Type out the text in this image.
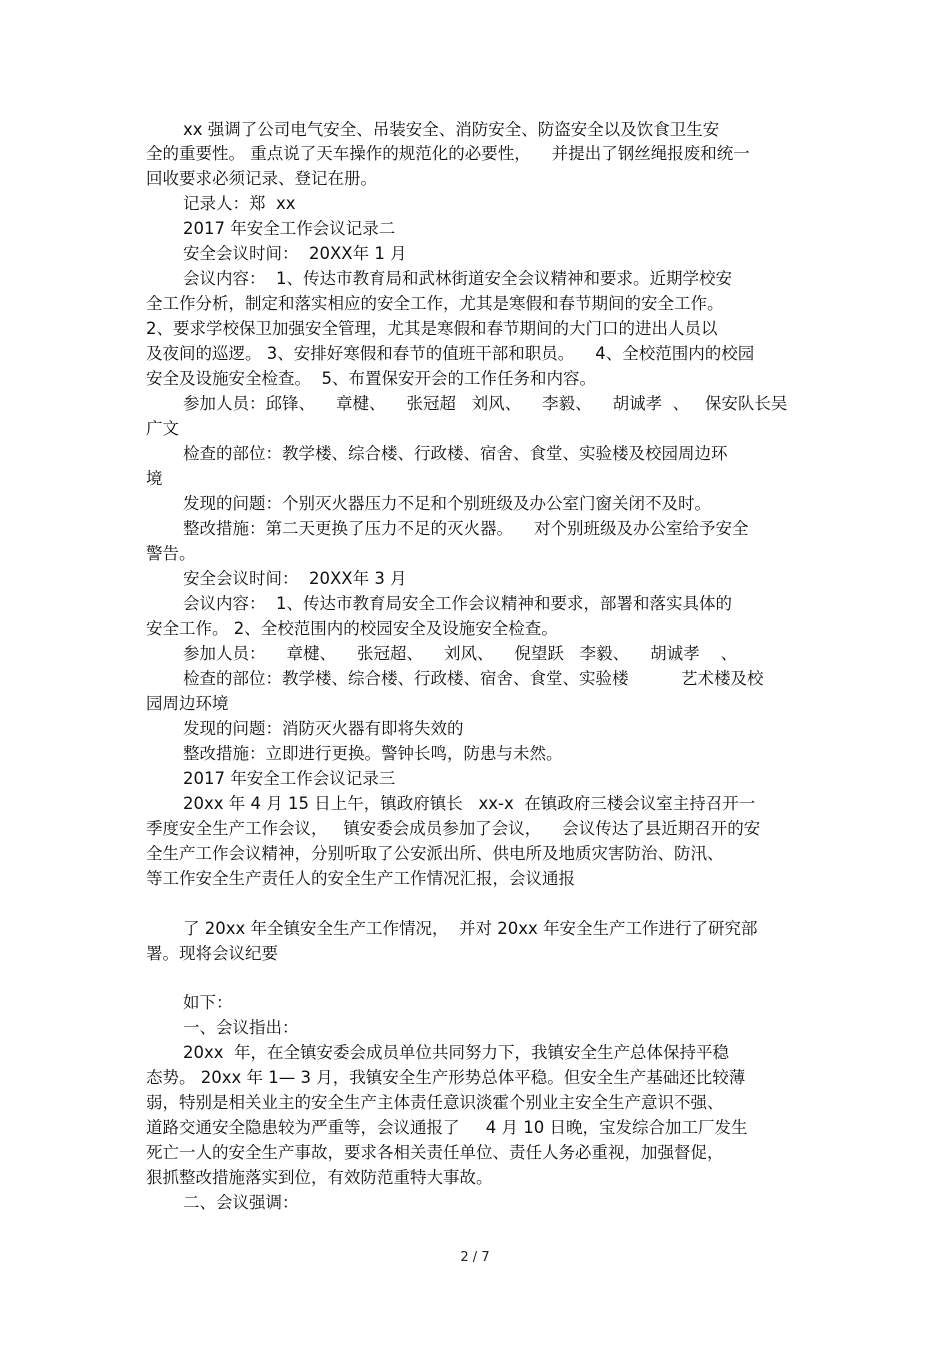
xx 强调了公司电气安全、吊装安全、消防安全、防盗安全以及饮食卫生安
全的重要性。 重点说了天车操作的规范化的必要性，    并提出了钢丝绳报废和统一
回收要求必须记录、登记在册。
记录人：郑  xx
2017 年安全工作会议记录二
安全会议时间：  20XX年 1 月
会议内容：  1、传达市教育局和武林街道安全会议精神和要求。近期学校安
全工作分析，制定和落实相应的安全工作，尤其是寒假和春节期间的安全工作。
2、要求学校保卫加强安全管理，尤其是寒假和春节期间的大门口的进出人员以
及夜间的巡逻。 3、安排好寒假和春节的值班干部和职员。    4、全校范围内的校园
安全及设施安全检查。  5、布置保安开会的工作任务和内容。
参加人员：邱锋、    章楗、    张冠超   刘风、    李毅、    胡诚孝  、   保安队长吴
广文
检查的部位：教学楼、综合楼、行政楼、宿舍、食堂、实验楼及校园周边环
境
发现的问题：个别灭火器压力不足和个别班级及办公室门窗关闭不及时。
整改措施：第二天更换了压力不足的灭火器。    对个别班级及办公室给予安全
警告。
安全会议时间：  20XX年 3 月
会议内容：  1、传达市教育局安全工作会议精神和要求，部署和落实具体的
安全工作。 2、全校范围内的校园安全及设施安全检查。
参加人员：    章楗、    张冠超、    刘风、    倪望跃   李毅、    胡诚孝    、
检查的部位：教学楼、综合楼、行政楼、宿舍、食堂、实验楼          艺术楼及校
园周边环境
发现的问题：消防灭火器有即将失效的
整改措施：立即进行更换。警钟长鸣，防患与未然。
2017 年安全工作会议记录三
20xx 年 4 月 15 日上午，镇政府镇长   xx-x  在镇政府三楼会议室主持召开一
季度安全生产工作会议，   镇安委会成员参加了会议，    会议传达了县近期召开的安
全生产工作会议精神，分别听取了公安派出所、供电所及地质灾害防治、防汛、
等工作安全生产责任人的安全生产工作情况汇报，会议通报
了 20xx 年全镇安全生产工作情况，  并对 20xx 年安全生产工作进行了研究部
署。现将会议纪要
如下：
一、会议指出：
20xx  年，在全镇安委会成员单位共同努力下，我镇安全生产总体保持平稳
态势。 20xx 年 1— 3 月，我镇安全生产形势总体平稳。但安全生产基础还比较薄
弱，特别是相关业主的安全生产主体责任意识淡霍个别业主安全生产意识不强、
道路交通安全隐患较为严重等，会议通报了     4 月 10 日晚，宝发综合加工厂发生
死亡一人的安全生产事故，要求各相关责任单位、责任人务必重视，加强督促，
狠抓整改措施落实到位，有效防范重特大事故。
二、会议强调：
2 / 7
